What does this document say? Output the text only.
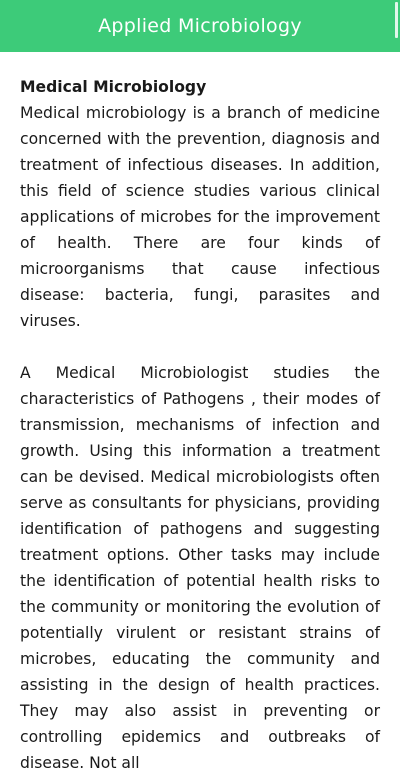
Applied Microbiology

Medical Microbiology

Medical microbiology is a branch of medicine concerned with the prevention, diagnosis and treatment of infectious diseases. In addition, this field of science studies various clinical applications of microbes for the improvement of health. There are four kinds of microorganisms that cause infectious disease: bacteria, fungi, parasites and viruses.

A Medical Microbiologist studies the characteristics of Pathogens , their modes of transmission, mechanisms of infection and growth. Using this information a treatment can be devised. Medical microbiologists often serve as consultants for physicians, providing identification of pathogens and suggesting treatment options. Other tasks may include the identification of potential health risks to the community or monitoring the evolution of potentially virulent or resistant strains of microbes, educating the community and assisting in the design of health practices. They may also assist in preventing or controlling epidemics and outbreaks of disease. Not all
